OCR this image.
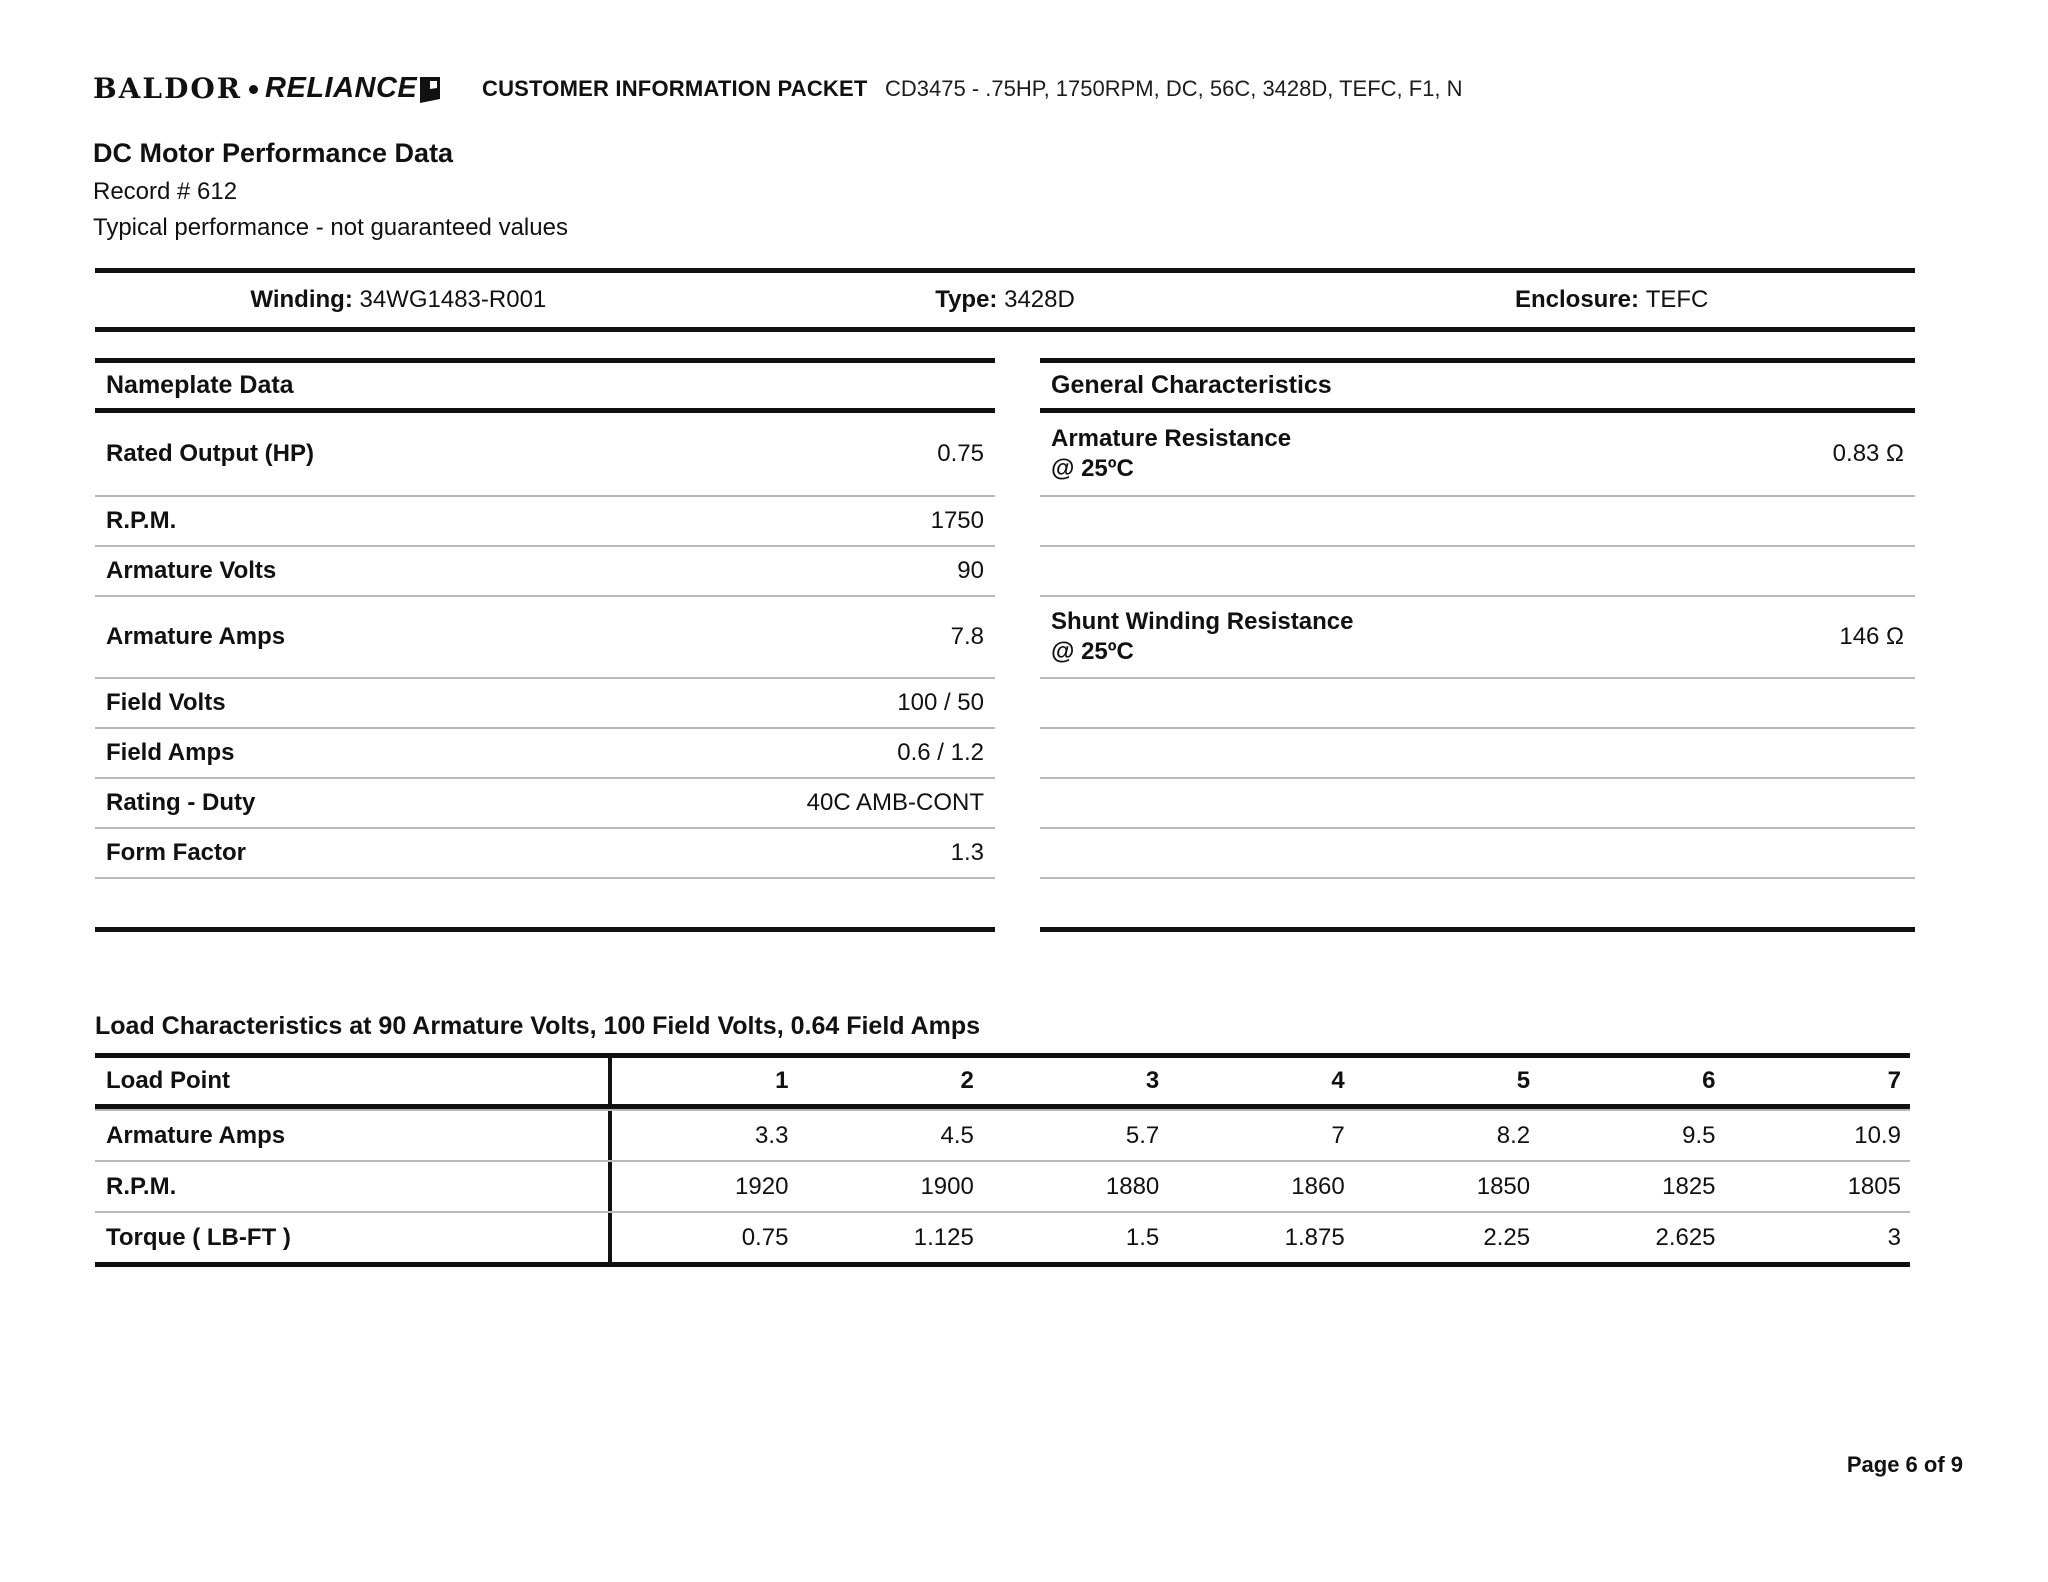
BALDOR RELIANCE	CUSTOMER INFORMATION PACKET CD3475 - .75HP, 1750RPM, DC, 56C, 3428D, TEFC, F1, N
DC Motor Performance Data
Record # 612
Typical performance - not guaranteed values
Winding: 34WG1483-R001	Type: 3428D	Enclosure: TEFC
Nameplate Data
Rated Output (HP)	0.75
R.P.M.	1750
Armature Volts	90
Armature Amps	7.8
Field Volts	100 / 50
Field Amps	0.6 / 1.2
Rating - Duty	40C AMB-CONT
Form Factor	1.3
General Characteristics
Armature Resistance
@ 25ºC
0.83 Ω
Shunt Winding Resistance
@ 25ºC
146 Ω
Load Characteristics at 90 Armature Volts, 100 Field Volts, 0.64 Field Amps
Load Point	1	2	3	4	5	6	7
Armature Amps	3.3	4.5	5.7	7	8.2	9.5	10.9
R.P.M.	1920	1900	1880	1860	1850	1825	1805
Torque ( LB-FT )	0.75	1.125	1.5	1.875	2.25	2.625	3
Page 6 of 9
